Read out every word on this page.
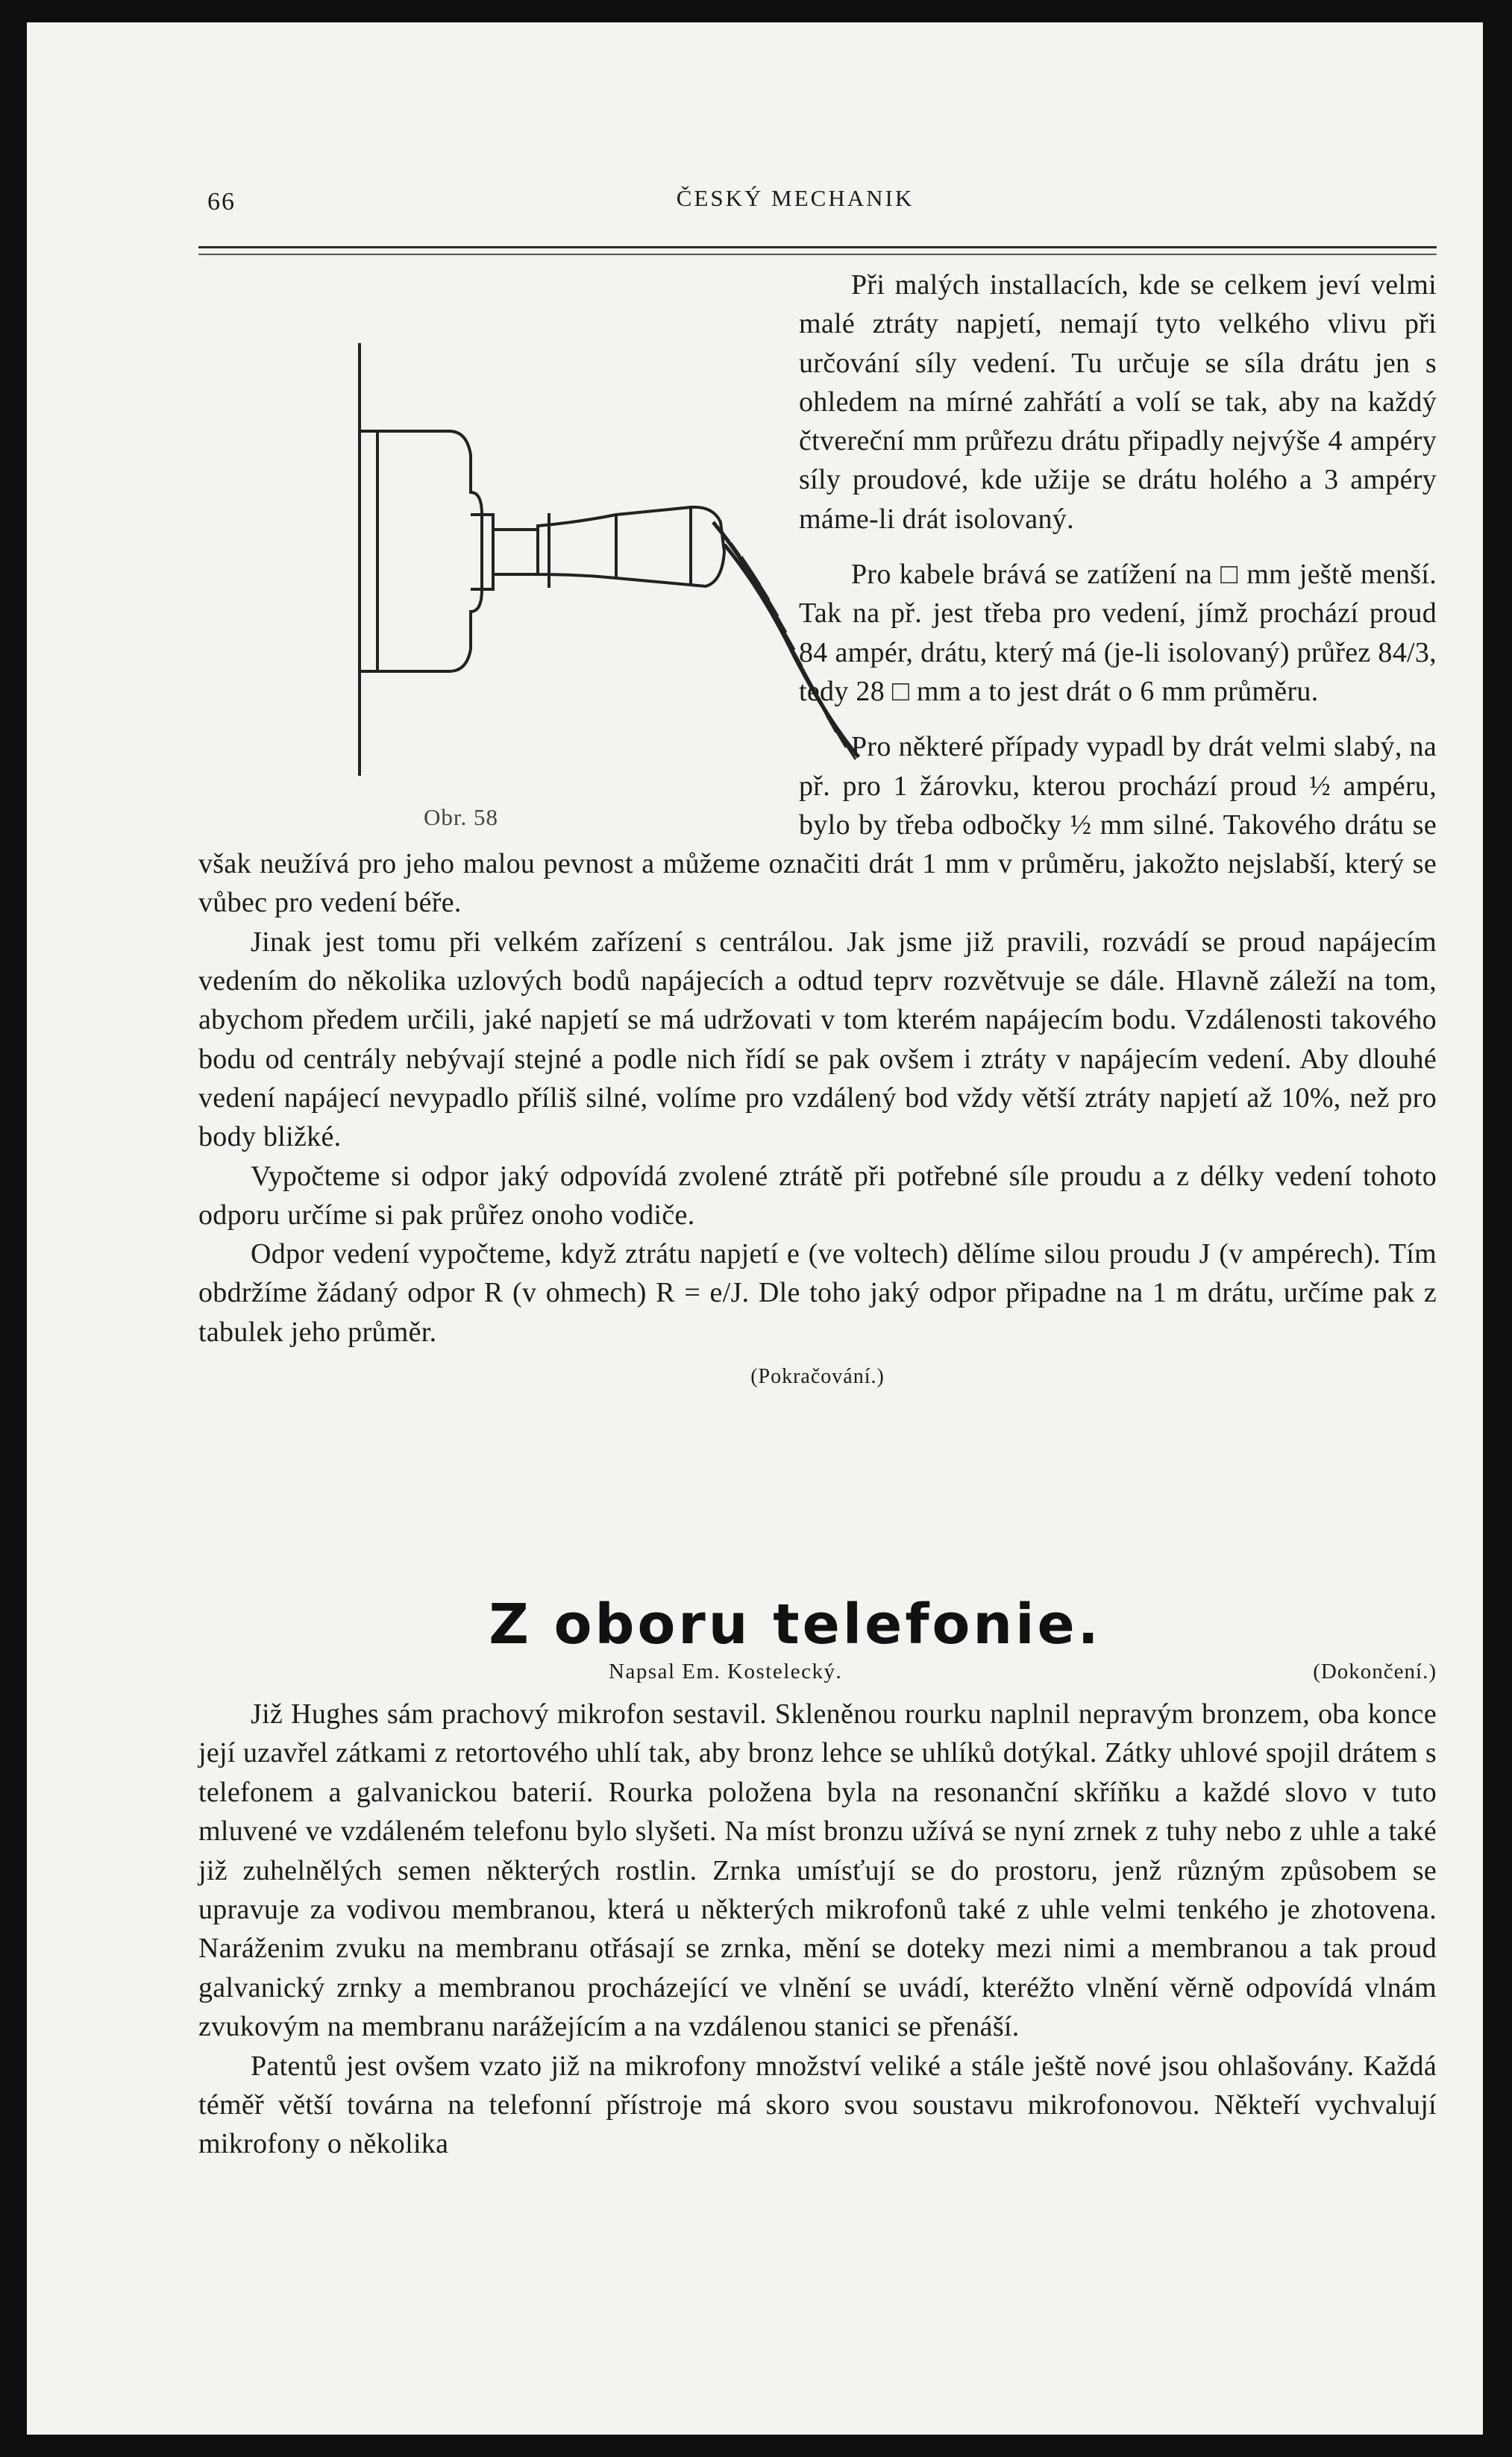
66	ČESKÝ MECHANIK
Obr. 58

Při malých installacích, kde se celkem jeví velmi malé ztráty napjetí, nemají tyto velkého vlivu při určování síly vedení. Tu určuje se síla drátu jen s ohledem na mírné zahřátí a volí se tak, aby na každý čtvereční mm průřezu drátu připadly nejvýše 4 ampéry síly proudové, kde užije se drátu holého a 3 ampéry máme-li drát isolovaný.

Pro kabele brává se zatížení na □ mm ještě menší. Tak na př. jest třeba pro vedení, jímž prochází proud 84 ampér, drátu, který má (je-li isolovaný) průřez 84/3, tedy 28 □ mm a to jest drát o 6 mm průměru.

Pro některé případy vypadl by drát velmi slabý, na př. pro 1 žárovku, kterou prochází proud ½ ampéru, bylo by třeba odbočky ½ mm silné. Takového drátu se však neužívá pro jeho malou pevnost a můžeme označiti drát 1 mm v průměru, jakožto nejslabší, který se vůbec pro vedení béře.

Jinak jest tomu při velkém zařízení s centrálou. Jak jsme již pravili, rozvádí se proud napájecím vedením do několika uzlových bodů napájecích a odtud teprv rozvětvuje se dále. Hlavně záleží na tom, abychom předem určili, jaké napjetí se má udržovati v tom kterém napájecím bodu. Vzdálenosti takového bodu od centrály nebývají stejné a podle nich řídí se pak ovšem i ztráty v napájecím vedení. Aby dlouhé vedení napájecí nevypadlo příliš silné, volíme pro vzdálený bod vždy větší ztráty napjetí až 10%, než pro body bližké.

Vypočteme si odpor jaký odpovídá zvolené ztrátě při potřebné síle proudu a z délky vedení tohoto odporu určíme si pak průřez onoho vodiče.

Odpor vedení vypočteme, když ztrátu napjetí e (ve voltech) dělíme silou proudu J (v ampérech). Tím obdržíme žádaný odpor R (v ohmech) R = e/J. Dle toho jaký odpor připadne na 1 m drátu, určíme pak z tabulek jeho průměr.

(Pokračování.)
Z oboru telefonie.
Napsal Em. Kostelecký.	(Dokončení.)

Již Hughes sám prachový mikrofon sestavil. Skleněnou rourku naplnil nepravým bronzem, oba konce její uzavřel zátkami z retortového uhlí tak, aby bronz lehce se uhlíků dotýkal. Zátky uhlové spojil drátem s telefonem a galvanickou baterií. Rourka položena byla na resonanční skříňku a každé slovo v tuto mluvené ve vzdáleném telefonu bylo slyšeti. Na míst bronzu užívá se nyní zrnek z tuhy nebo z uhle a také již zuhelnělých semen některých rostlin. Zrnka umísťují se do prostoru, jenž různým způsobem se upravuje za vodivou membranou, která u některých mikrofonů také z uhle velmi tenkého je zhotovena. Naráženim zvuku na membranu otřásají se zrnka, mění se doteky mezi nimi a membranou a tak proud galvanický zrnky a membranou procházející ve vlnění se uvádí, kteréžto vlnění věrně odpovídá vlnám zvukovým na membranu narážejícím a na vzdálenou stanici se přenáší.

Patentů jest ovšem vzato již na mikrofony množství veliké a stále ještě nové jsou ohlašovány. Každá téměř větší továrna na telefonní přístroje má skoro svou soustavu mikrofonovou. Někteří vychvalují mikrofony o několika
